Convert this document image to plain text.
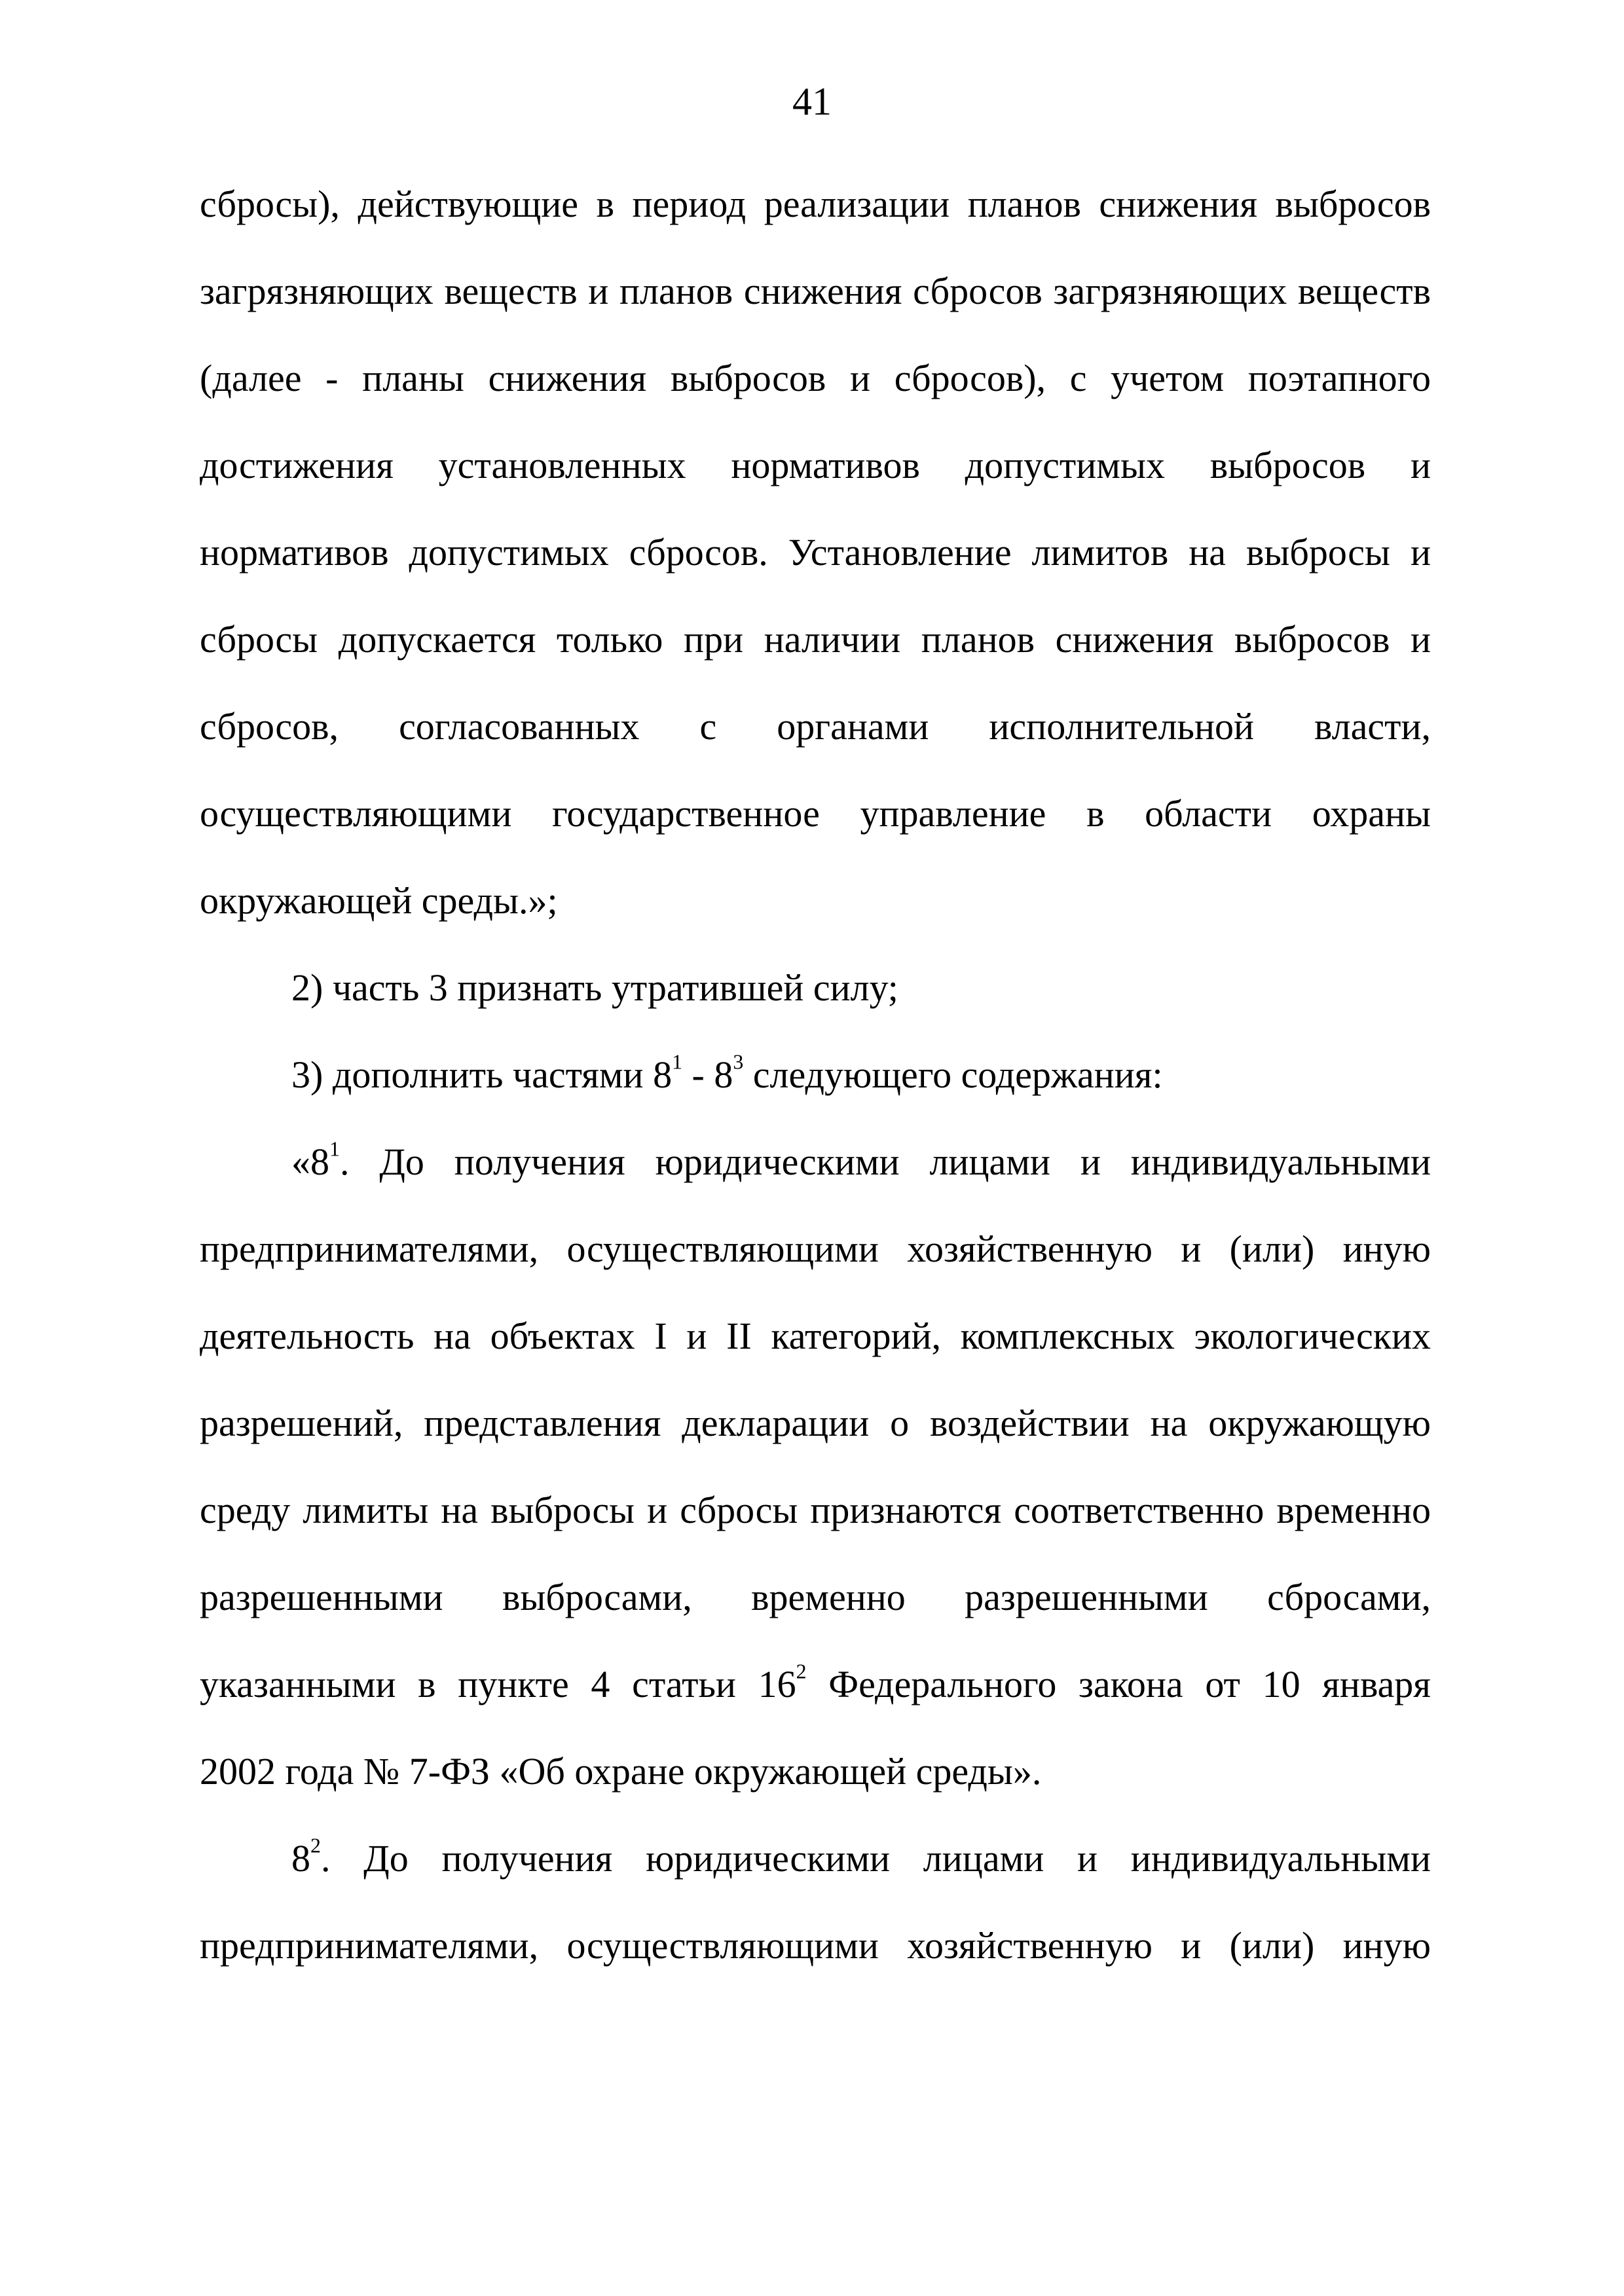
41
сбросы), действующие в период реализации планов снижения выбросов
загрязняющих веществ и планов снижения сбросов загрязняющих веществ
(далее - планы снижения выбросов и сбросов), с учетом поэтапного
достижения установленных нормативов допустимых выбросов и
нормативов допустимых сбросов. Установление лимитов на выбросы и
сбросы допускается только при наличии планов снижения выбросов и
сбросов, согласованных с органами исполнительной власти,
осуществляющими государственное управление в области охраны
окружающей среды.»;
2) часть 3 признать утратившей силу;
3) дополнить частями $8^1 - 8^3$ следующего содержания:
«$8^1$. До получения юридическими лицами и индивидуальными
предпринимателями, осуществляющими хозяйственную и (или) иную
деятельность на объектах I и II категорий, комплексных экологических
разрешений, представления декларации о воздействии на окружающую
среду лимиты на выбросы и сбросы признаются соответственно временно
разрешенными выбросами, временно разрешенными сбросами,
указанными в пункте 4 статьи $16^2$ Федерального закона от 10 января
2002 года № 7-ФЗ «Об охране окружающей среды».
$8^2$. До получения юридическими лицами и индивидуальными
предпринимателями, осуществляющими хозяйственную и (или) иную
